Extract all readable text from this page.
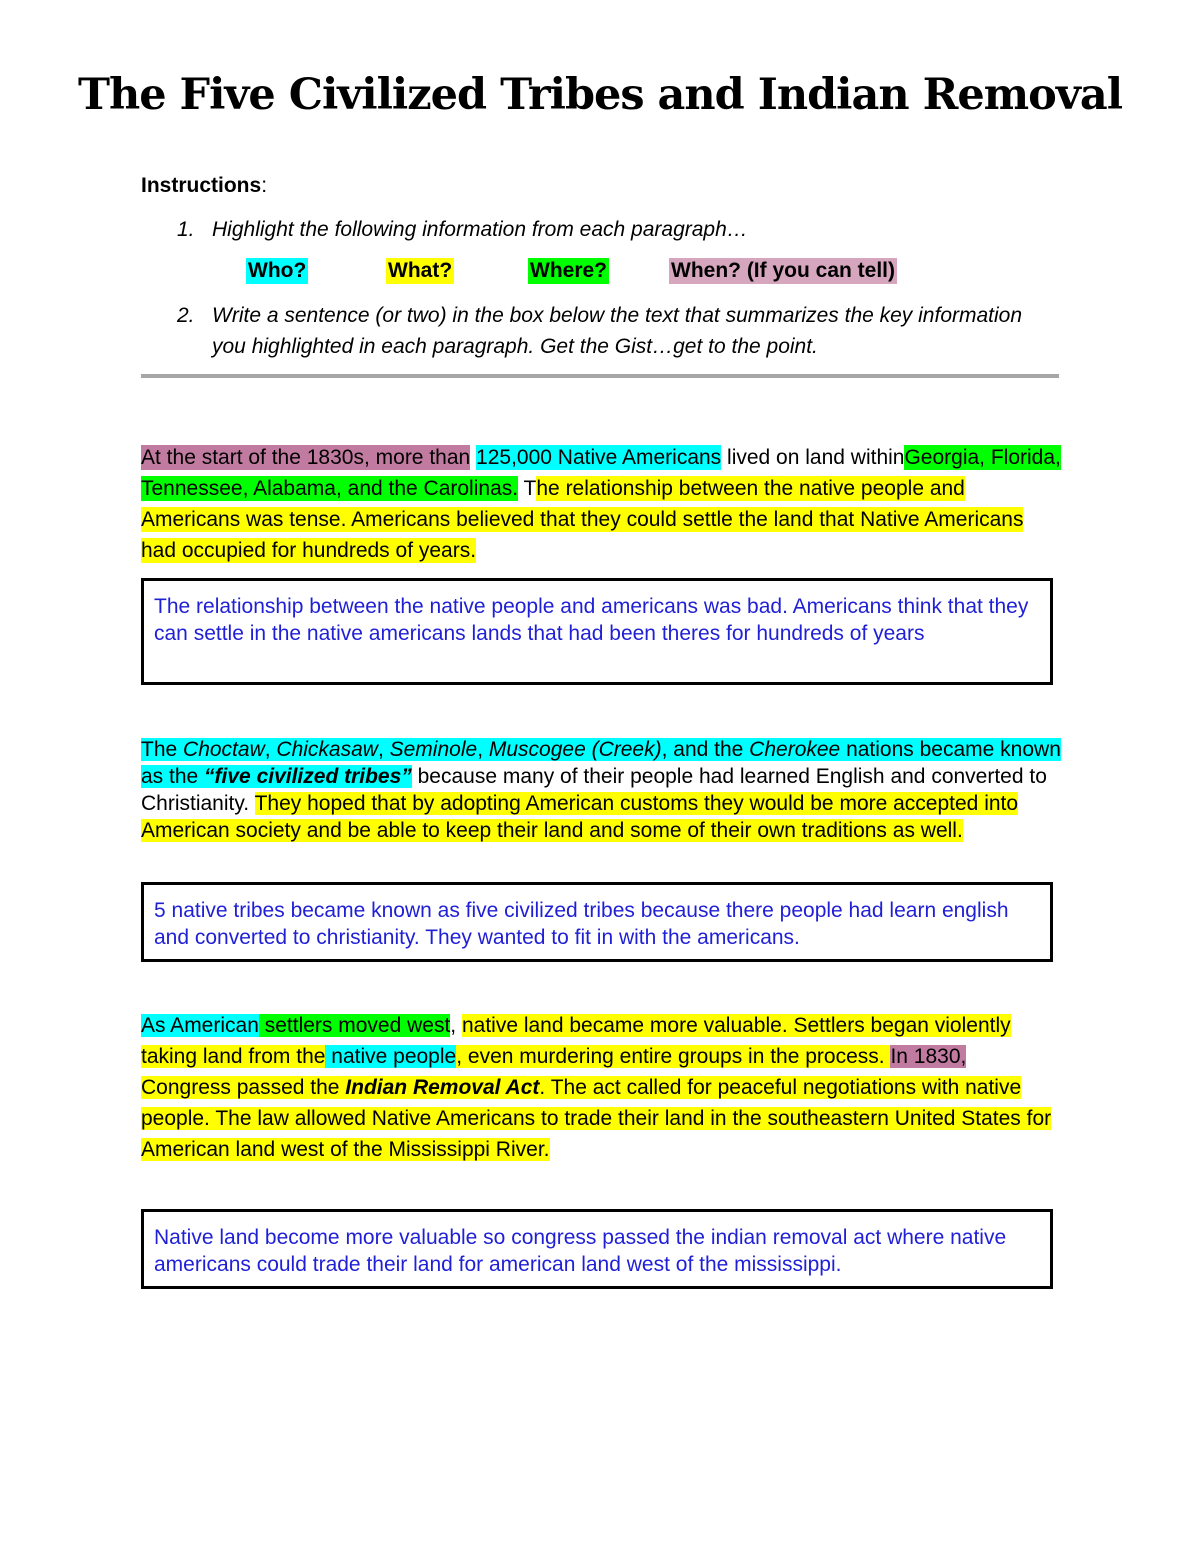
The Five Civilized Tribes and Indian Removal
Instructions:
1. Highlight the following information from each paragraph…
Who?	What?	Where?	When? (If you can tell)
2. Write a sentence (or two) in the box below the text that summarizes the key information you highlighted in each paragraph. Get the Gist…get to the point.
At the start of the 1830s, more than 125,000 Native Americans lived on land withinGeorgia, Florida, Tennessee, Alabama, and the Carolinas. The relationship between the native people and Americans was tense. Americans believed that they could settle the land that Native Americans had occupied for hundreds of years.
The relationship between the native people and americans was bad. Americans think that they can settle in the native americans lands that had been theres for hundreds of years
The Choctaw, Chickasaw, Seminole, Muscogee (Creek), and the Cherokee nations became known as the “five civilized tribes” because many of their people had learned English and converted to Christianity. They hoped that by adopting American customs they would be more accepted into American society and be able to keep their land and some of their own traditions as well.
5 native tribes became known as five civilized tribes because there people had learn english and converted to christianity. They wanted to fit in with the americans.
As American settlers moved west, native land became more valuable. Settlers began violently taking land from the native people, even murdering entire groups in the process. In 1830, Congress passed the Indian Removal Act. The act called for peaceful negotiations with native people. The law allowed Native Americans to trade their land in the southeastern United States for American land west of the Mississippi River.
Native land become more valuable so congress passed the indian removal act where native americans could trade their land for american land west of the mississippi.
